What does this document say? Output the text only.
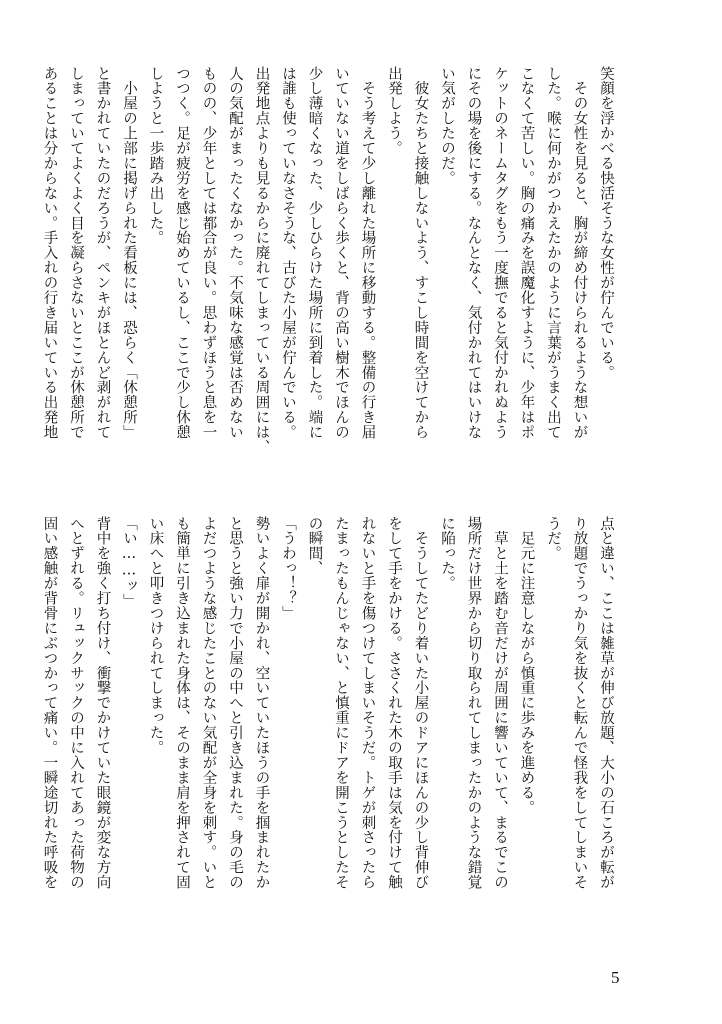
笑顔を浮かべる快活そうな女性が佇んでいる。
　その女性を見ると、胸が締め付けられるような想いが
した。喉に何かがつかえたかのように言葉がうまく出て
こなくて苦しい。胸の痛みを誤魔化すように、少年はポ
ケットのネームタグをもう一度撫でると気付かれぬよう
にその場を後にする。なんとなく、気付かれてはいけな
い気がしたのだ。
　彼女たちと接触しないよう、すこし時間を空けてから
出発しよう。
　そう考えて少し離れた場所に移動する。整備の行き届
いていない道をしばらく歩くと、背の高い樹木でほんの
少し薄暗くなった、少しひらけた場所に到着した。端に
は誰も使っていなさそうな、古びた小屋が佇んでいる。
出発地点よりも見るからに廃れてしまっている周囲には、
人の気配がまったくなかった。不気味な感覚は否めない
ものの、少年としては都合が良い。思わずほうと息を一
つつく。足が疲労を感じ始めているし、ここで少し休憩
しようと一歩踏み出した。
　小屋の上部に掲げられた看板には、恐らく「休憩所」
と書かれていたのだろうが、ペンキがほとんど剥がれて
しまっていてよくよく目を凝らさないとここが休憩所で
あることは分からない。手入れの行き届いている出発地
点と違い、ここは雑草が伸び放題、大小の石ころが転が
り放題でうっかり気を抜くと転んで怪我をしてしまいそ
うだ。
　足元に注意しながら慎重に歩みを進める。
　草と土を踏む音だけが周囲に響いていて、まるでこの
場所だけ世界から切り取られてしまったかのような錯覚
に陥った。
　そうしてたどり着いた小屋のドアにほんの少し背伸び
をして手をかける。ささくれた木の取手は気を付けて触
れないと手を傷つけてしまいそうだ。トゲが刺さったら
たまったもんじゃない、と慎重にドアを開こうとしたそ
の瞬間、
「うわっ！？」
勢いよく扉が開かれ、空いていたほうの手を掴まれたか
と思うと強い力で小屋の中へと引き込まれた。身の毛の
よだつような感じたことのない気配が全身を刺す。いと
も簡単に引き込まれた身体は、そのまま肩を押されて固
い床へと叩きつけられてしまった。
「い……ッ」
背中を強く打ち付け、衝撃でかけていた眼鏡が変な方向
へとずれる。リュックサックの中に入れてあった荷物の
固い感触が背骨にぶつかって痛い。一瞬途切れた呼吸を
5
